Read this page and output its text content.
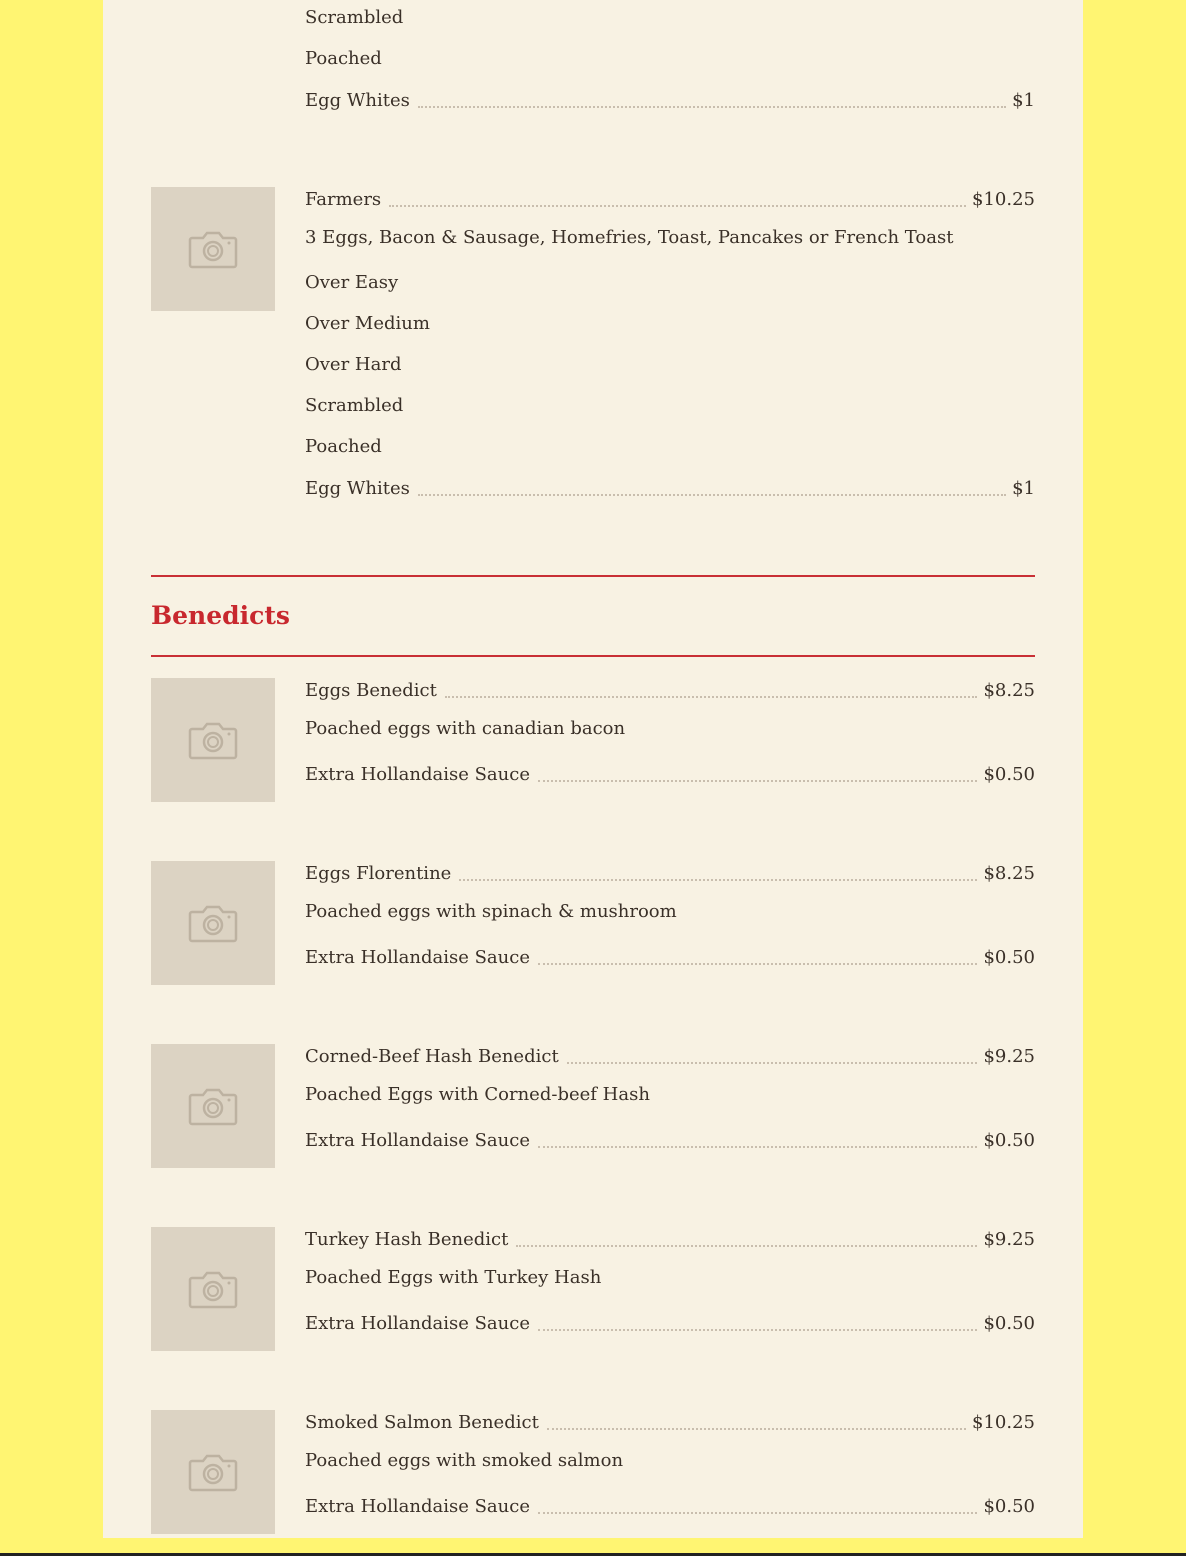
Scrambled
Poached
Egg Whites	$1
Farmers	$10.25
3 Eggs, Bacon & Sausage, Homefries, Toast, Pancakes or French Toast
Over Easy
Over Medium
Over Hard
Scrambled
Poached
Egg Whites	$1
Benedicts
Eggs Benedict	$8.25
Poached eggs with canadian bacon
Extra Hollandaise Sauce	$0.50
Eggs Florentine	$8.25
Poached eggs with spinach & mushroom
Extra Hollandaise Sauce	$0.50
Corned-Beef Hash Benedict	$9.25
Poached Eggs with Corned-beef Hash
Extra Hollandaise Sauce	$0.50
Turkey Hash Benedict	$9.25
Poached Eggs with Turkey Hash
Extra Hollandaise Sauce	$0.50
Smoked Salmon Benedict	$10.25
Poached eggs with smoked salmon
Extra Hollandaise Sauce	$0.50
